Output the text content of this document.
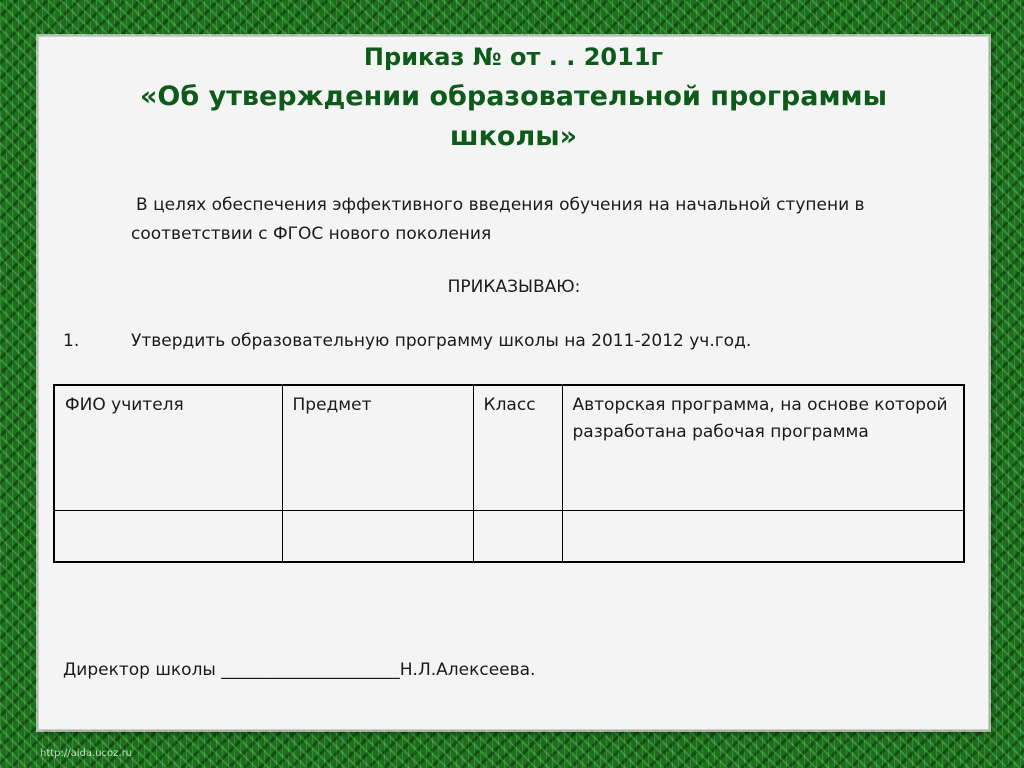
Приказ № от . . 2011г
«Об утверждении образовательной программы
школы»

В целях обеспечения эффективного введения обучения на начальной ступени в соответствии с ФГОС нового поколения

ПРИКАЗЫВАЮ:
1.	Утвердить образовательную программу школы на 2011-2012 уч.год.
ФИО учителя	Предмет	Класс	Авторская программа, на основе которой разработана рабочая программа

Директор школы _____________________Н.Л.Алексеева.
http://aida.ucoz.ru
